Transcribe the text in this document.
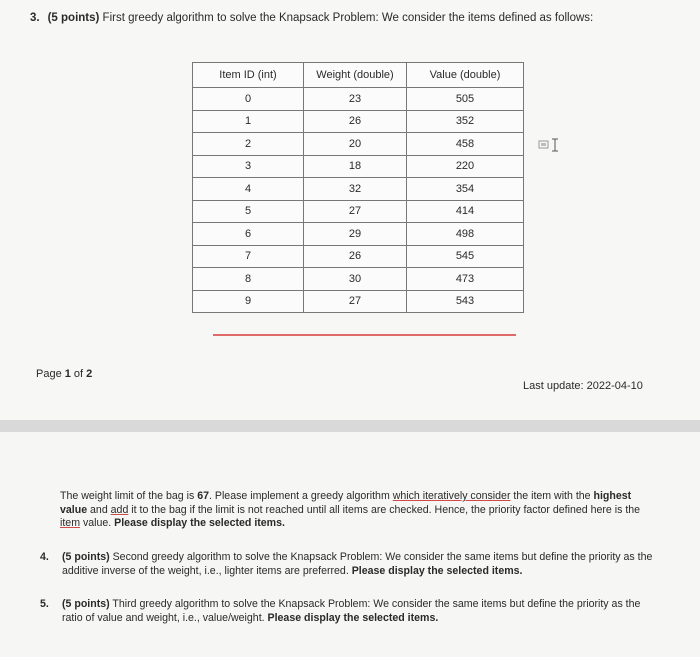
3. (5 points) First greedy algorithm to solve the Knapsack Problem: We consider the items defined as follows:
Item ID (int)	Weight (double)	Value (double)
0	23	505
1	26	352
2	20	458
3	18	220
4	32	354
5	27	414
6	29	498
7	26	545
8	30	473
9	27	543
Page 1 of 2
Last update: 2022-04-10
The weight limit of the bag is 67. Please implement a greedy algorithm which iteratively consider the item with the highest value and add it to the bag if the limit is not reached until all items are checked. Hence, the priority factor defined here is the item value. Please display the selected items.
4. (5 points) Second greedy algorithm to solve the Knapsack Problem: We consider the same items but define the priority as the additive inverse of the weight, i.e., lighter items are preferred. Please display the selected items.
5. (5 points) Third greedy algorithm to solve the Knapsack Problem: We consider the same items but define the priority as the ratio of value and weight, i.e., value/weight. Please display the selected items.
